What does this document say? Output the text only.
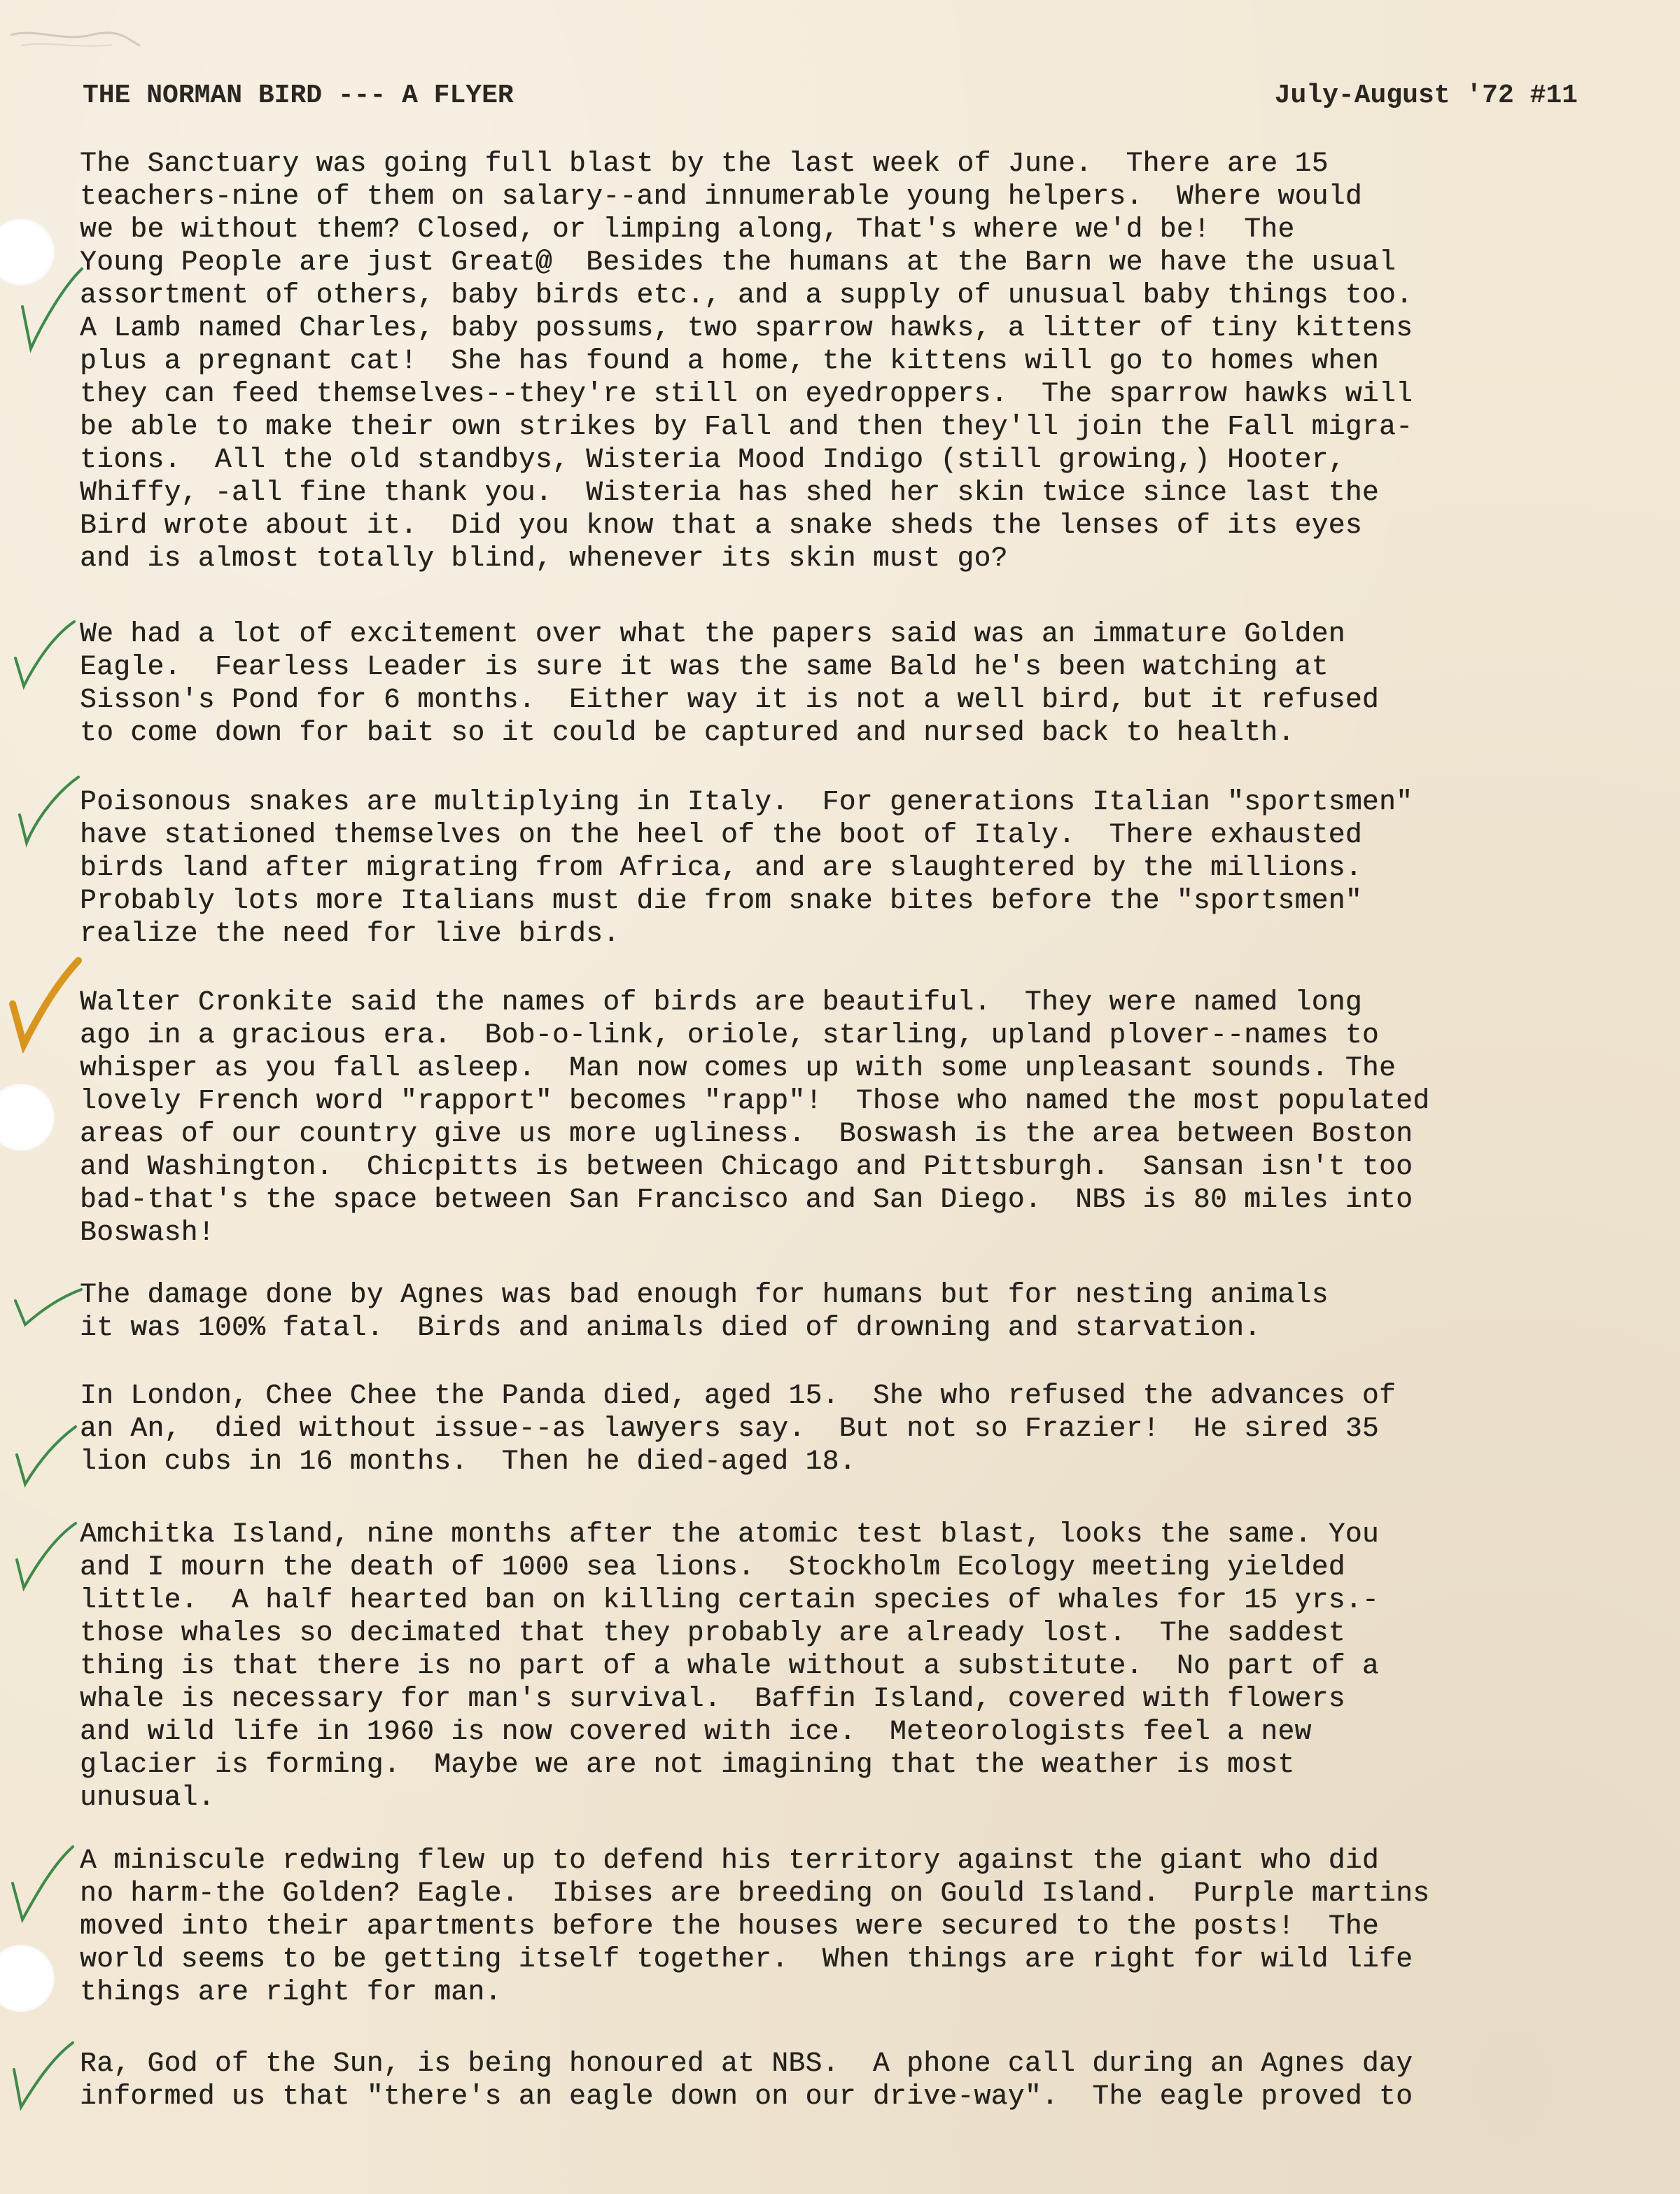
THE NORMAN BIRD --- A FLYER	July-August '72 #11
The Sanctuary was going full blast by the last week of June.  There are 15
teachers-nine of them on salary--and innumerable young helpers.  Where would
we be without them? Closed, or limping along, That's where we'd be!  The
Young People are just Great@  Besides the humans at the Barn we have the usual
assortment of others, baby birds etc., and a supply of unusual baby things too.
A Lamb named Charles, baby possums, two sparrow hawks, a litter of tiny kittens
plus a pregnant cat!  She has found a home, the kittens will go to homes when
they can feed themselves--they're still on eyedroppers.  The sparrow hawks will
be able to make their own strikes by Fall and then they'll join the Fall migra-
tions.  All the old standbys, Wisteria Mood Indigo (still growing,) Hooter,
Whiffy, -all fine thank you.  Wisteria has shed her skin twice since last the
Bird wrote about it.  Did you know that a snake sheds the lenses of its eyes
and is almost totally blind, whenever its skin must go?
We had a lot of excitement over what the papers said was an immature Golden
Eagle.  Fearless Leader is sure it was the same Bald he's been watching at
Sisson's Pond for 6 months.  Either way it is not a well bird, but it refused
to come down for bait so it could be captured and nursed back to health.
Poisonous snakes are multiplying in Italy.  For generations Italian "sportsmen"
have stationed themselves on the heel of the boot of Italy.  There exhausted
birds land after migrating from Africa, and are slaughtered by the millions.
Probably lots more Italians must die from snake bites before the "sportsmen"
realize the need for live birds.
Walter Cronkite said the names of birds are beautiful.  They were named long
ago in a gracious era.  Bob-o-link, oriole, starling, upland plover--names to
whisper as you fall asleep.  Man now comes up with some unpleasant sounds. The
lovely French word "rapport" becomes "rapp"!  Those who named the most populated
areas of our country give us more ugliness.  Boswash is the area between Boston
and Washington.  Chicpitts is between Chicago and Pittsburgh.  Sansan isn't too
bad-that's the space between San Francisco and San Diego.  NBS is 80 miles into
Boswash!
The damage done by Agnes was bad enough for humans but for nesting animals
it was 100% fatal.  Birds and animals died of drowning and starvation.
In London, Chee Chee the Panda died, aged 15.  She who refused the advances of
an An,  died without issue--as lawyers say.  But not so Frazier!  He sired 35
lion cubs in 16 months.  Then he died-aged 18.
Amchitka Island, nine months after the atomic test blast, looks the same. You
and I mourn the death of 1000 sea lions.  Stockholm Ecology meeting yielded
little.  A half hearted ban on killing certain species of whales for 15 yrs.-
those whales so decimated that they probably are already lost.  The saddest
thing is that there is no part of a whale without a substitute.  No part of a
whale is necessary for man's survival.  Baffin Island, covered with flowers
and wild life in 1960 is now covered with ice.  Meteorologists feel a new
glacier is forming.  Maybe we are not imagining that the weather is most
unusual.
A miniscule redwing flew up to defend his territory against the giant who did
no harm-the Golden? Eagle.  Ibises are breeding on Gould Island.  Purple martins
moved into their apartments before the houses were secured to the posts!  The
world seems to be getting itself together.  When things are right for wild life
things are right for man.
Ra, God of the Sun, is being honoured at NBS.  A phone call during an Agnes day
informed us that "there's an eagle down on our drive-way".  The eagle proved to
